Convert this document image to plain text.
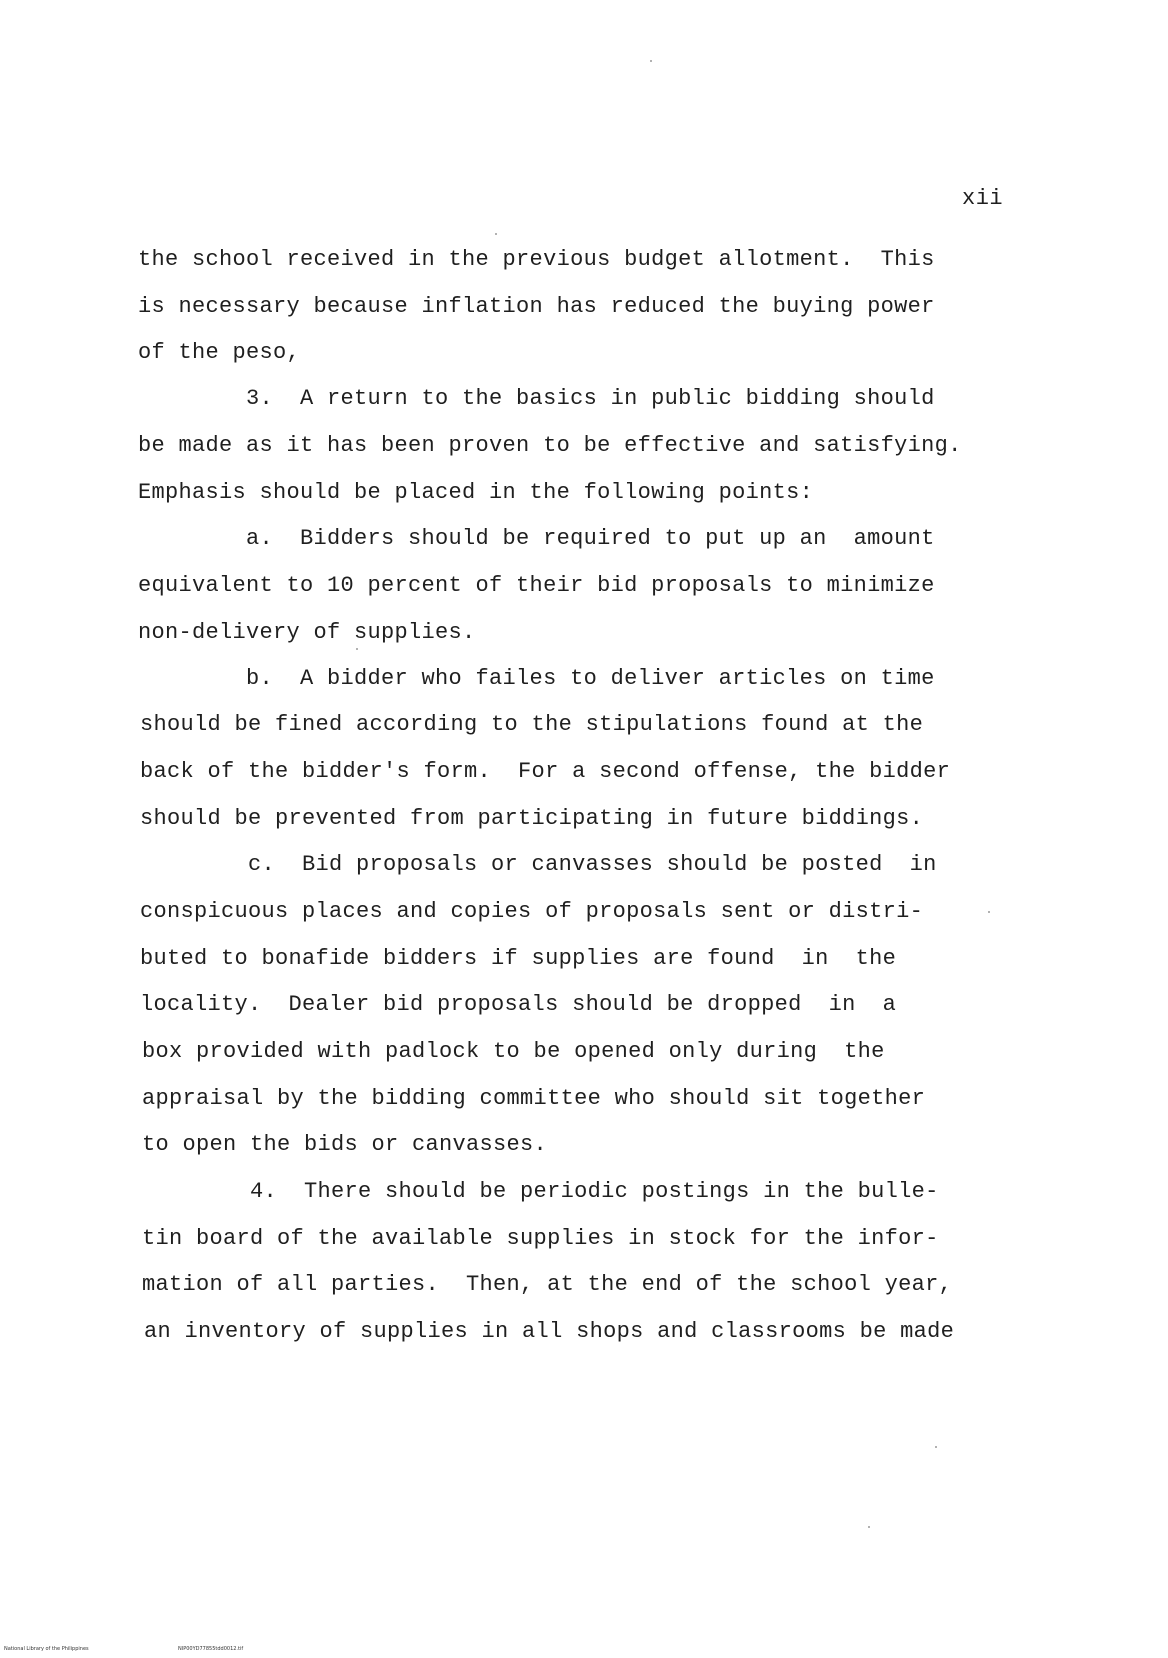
xii
the school received in the previous budget allotment.  This
is necessary because inflation has reduced the buying power
of the peso,
3.  A return to the basics in public bidding should
be made as it has been proven to be effective and satisfying.
Emphasis should be placed in the following points:
a.  Bidders should be required to put up an  amount
equivalent to 10 percent of their bid proposals to minimize
non-delivery of supplies.
b.  A bidder who failes to deliver articles on time
should be fined according to the stipulations found at the
back of the bidder's form.  For a second offense, the bidder
should be prevented from participating in future biddings.
c.  Bid proposals or canvasses should be posted  in
conspicuous places and copies of proposals sent or distri-
buted to bonafide bidders if supplies are found  in  the
locality.  Dealer bid proposals should be dropped  in  a
box provided with padlock to be opened only during  the
appraisal by the bidding committee who should sit together
to open the bids or canvasses.
4.  There should be periodic postings in the bulle-
tin board of the available supplies in stock for the infor-
mation of all parties.  Then, at the end of the school year,
an inventory of supplies in all shops and classrooms be made
National Library of the Philippines	NIP00YD77855tdd0012.tif
